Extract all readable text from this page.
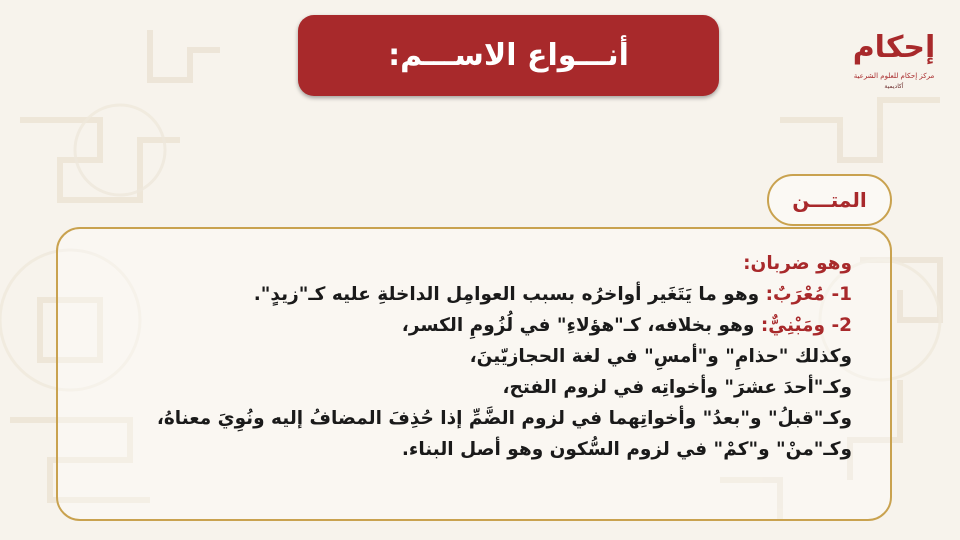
أنـــواع الاســـم:	إحكام
مركز إحكام للعلوم الشرعية
أكاديمية
المتـــن
وهو ضربان:
1- مُعْرَبٌ: وهو ما يَتَغَير أواخرُه بسبب العوامِل الداخلةِ عليه كـ"زيدٍ".
2- ومَبْنِيٌّ: وهو بخلافه، كـ"هؤلاءِ" في لُزُومِ الكسر،
وكذلك "حذامِ" و"أمسِ" في لغة الحجازيّينَ،
وكـ"أحدَ عشرَ" وأخواتِه في لزوم الفتح،
وكـ"قبلُ" و"بعدُ" وأخواتِهما في لزوم الضَّمِّ إذا حُذِفَ المضافُ إليه ونُوِيَ معناهُ،
وكـ"منْ" و"كمْ" في لزوم السُّكون وهو أصل البناء.
